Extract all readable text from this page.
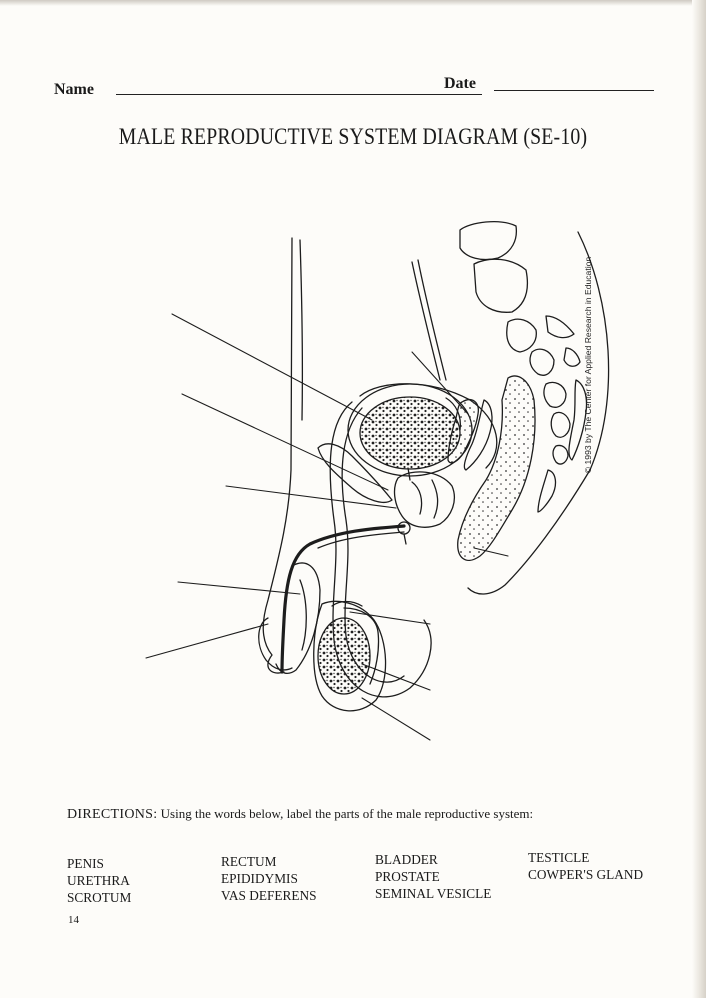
Name	Date
MALE REPRODUCTIVE SYSTEM DIAGRAM (SE-10)
© 1993 by The Center for Applied Research in Education
DIRECTIONS: Using the words below, label the parts of the male reproductive system:
PENIS
URETHRA
SCROTUM
RECTUM
EPIDIDYMIS
VAS DEFERENS
BLADDER
PROSTATE
SEMINAL VESICLE
TESTICLE
COWPER'S GLAND
14
